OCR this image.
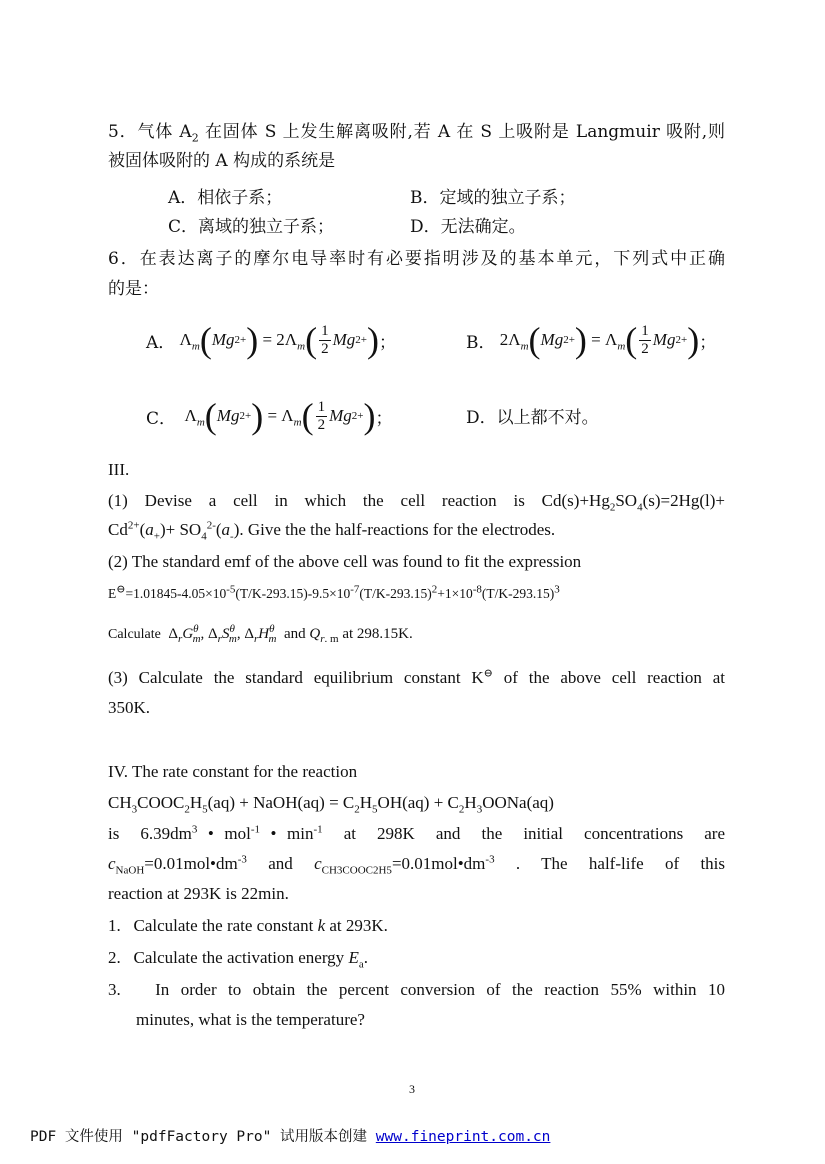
5．气体 $A_2$ 在固体 S 上发生解离吸附,若 A 在 S 上吸附是 Langmuir 吸附,则
被固体吸附的 A 构成的系统是
A．相依子系；	B．定域的独立子系；
C．离域的独立子系；	D．无法确定。
6．在表达离子的摩尔电导率时有必要指明涉及的基本单元，下列式中正确
的是：
A． $\Lambda_m$ ( Mg 2+ ) = $2\Lambda_m$ ( $\frac{1}{2}$ Mg 2+ ) ；	B． $2\Lambda_m$ ( Mg 2+ ) = $\Lambda_m$ ( $\frac{1}{2}$ Mg 2+ ) ；
C． $\Lambda_m$ ( Mg 2+ ) = $\Lambda_m$ ( $\frac{1}{2}$ Mg 2+ ) ；	D．以上都不对。
III.
(1) Devise a cell in which the cell reaction is $Cd(s)+Hg_2SO_4(s)=2Hg(l)+$
$Cd^{2+}(a_+)+ SO_4^{2-}(a_-)$. Give the the half-reactions for the electrodes.
(2) The standard emf of the above cell was found to fit the expression
$E^⊖=1.01845-4.05\times 10^{-5}(T/K-293.15)-9.5\times 10^{-7}(T/K-293.15)^2+1\times 10^{-8}(T/K-293.15)^3$
Calculate  $\Delta_rG^\theta_m$, $\Delta_rS^\theta_m$, $\Delta_rH^\theta_m$  and $Q_{r. m}$ at 298.15K.
(3) Calculate the standard equilibrium constant K⊖ of the above cell reaction at
350K.
IV. The rate constant for the reaction
$CH_3COOC_2H_5(aq)$ + NaOH(aq) = $C_2H_5OH(aq)$ + $C_2H_3OONa(aq)$
is  $6.39dm^3$ • mol$^{-1}$ • $\min^{-1}$  at  298K  and  the  initial  concentrations  are
$c_{NaOH}=0.01mol•dm^{-3}$ and $c_{CH3COOC2H5}=0.01mol•dm^{-3}$ . The half-life of this
reaction at 293K is 22min.
1.   Calculate the rate constant k at 293K.
2.   Calculate the activation energy $E_a$.
3.   In order to obtain the percent conversion of the reaction 55% within 10
minutes, what is the temperature?
3
PDF 文件使用 "pdfFactory Pro" 试用版本创建 www.fineprint.com.cn
